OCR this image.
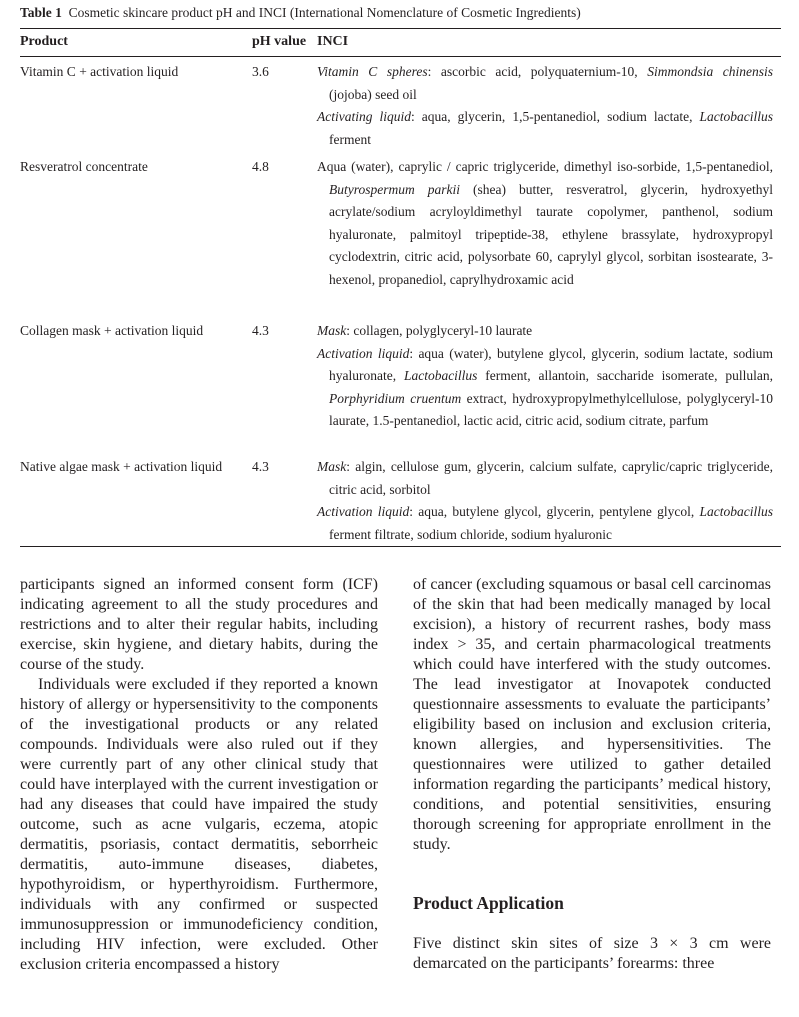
Table 1 Cosmetic skincare product pH and INCI (International Nomenclature of Cosmetic Ingredients)
Product	pH value INCI
Vitamin C + activation liquid	3.6	Vitamin C spheres: ascorbic acid, polyquaternium-10, Simmondsia chinensis (jojoba) seed oil

Activating liquid: aqua, glycerin, 1,5-pentanediol, sodium lactate, Lactobacillus ferment

Resveratrol concentrate	4.8	Aqua (water), caprylic / capric triglyceride, dimethyl iso-sorbide, 1,5-pentanediol, Butyrospermum parkii (shea) butter, resveratrol, glycerin, hydroxyethyl acrylate/sodium acryloyldimethyl taurate copolymer, panthenol, sodium hyaluronate, palmitoyl tripeptide-38, ethylene brassylate, hydroxypropyl cyclodextrin, citric acid, polysorbate 60, caprylyl glycol, sorbitan isostearate, 3-hexenol, propanediol, caprylhydroxamic acid

Collagen mask + activation liquid	4.3	Mask: collagen, polyglyceryl-10 laurate

Activation liquid: aqua (water), butylene glycol, glycerin, sodium lactate, sodium hyaluronate, Lactobacillus ferment, allantoin, saccharide isomerate, pullulan, Porphyridium cruentum extract, hydroxypropylmethylcellulose, polyglyceryl-10 laurate, 1.5-pentanediol, lactic acid, citric acid, sodium citrate, parfum

Native algae mask + activation liquid	4.3	Mask: algin, cellulose gum, glycerin, calcium sulfate, caprylic/capric triglyceride, citric acid, sorbitol

Activation liquid: aqua, butylene glycol, glycerin, pentylene glycol, Lactobacillus ferment filtrate, sodium chloride, sodium hyaluronic

participants signed an informed consent form (ICF) indicating agreement to all the study procedures and restrictions and to alter their regular habits, including exercise, skin hygiene, and dietary habits, during the course of the study.

Individuals were excluded if they reported a known history of allergy or hypersensitivity to the components of the investigational products or any related compounds. Individuals were also ruled out if they were currently part of any other clinical study that could have interplayed with the current investigation or had any diseases that could have impaired the study outcome, such as acne vulgaris, eczema, atopic dermatitis, psoriasis, contact dermatitis, seborrheic dermatitis, auto-immune diseases, diabetes, hypothyroidism, or hyperthyroidism. Furthermore, individuals with any confirmed or suspected immunosuppression or immunodeficiency condition, including HIV infection, were excluded. Other exclusion criteria encompassed a history

of cancer (excluding squamous or basal cell carcinomas of the skin that had been medically managed by local excision), a history of recurrent rashes, body mass index > 35, and certain pharmacological treatments which could have interfered with the study outcomes. The lead investigator at Inovapotek conducted questionnaire assessments to evaluate the participants’ eligibility based on inclusion and exclusion criteria, known allergies, and hypersensitivities. The questionnaires were utilized to gather detailed information regarding the participants’ medical history, conditions, and potential sensitivities, ensuring thorough screening for appropriate enrollment in the study.

Product Application

Five distinct skin sites of size 3 × 3 cm were demarcated on the participants’ forearms: three
